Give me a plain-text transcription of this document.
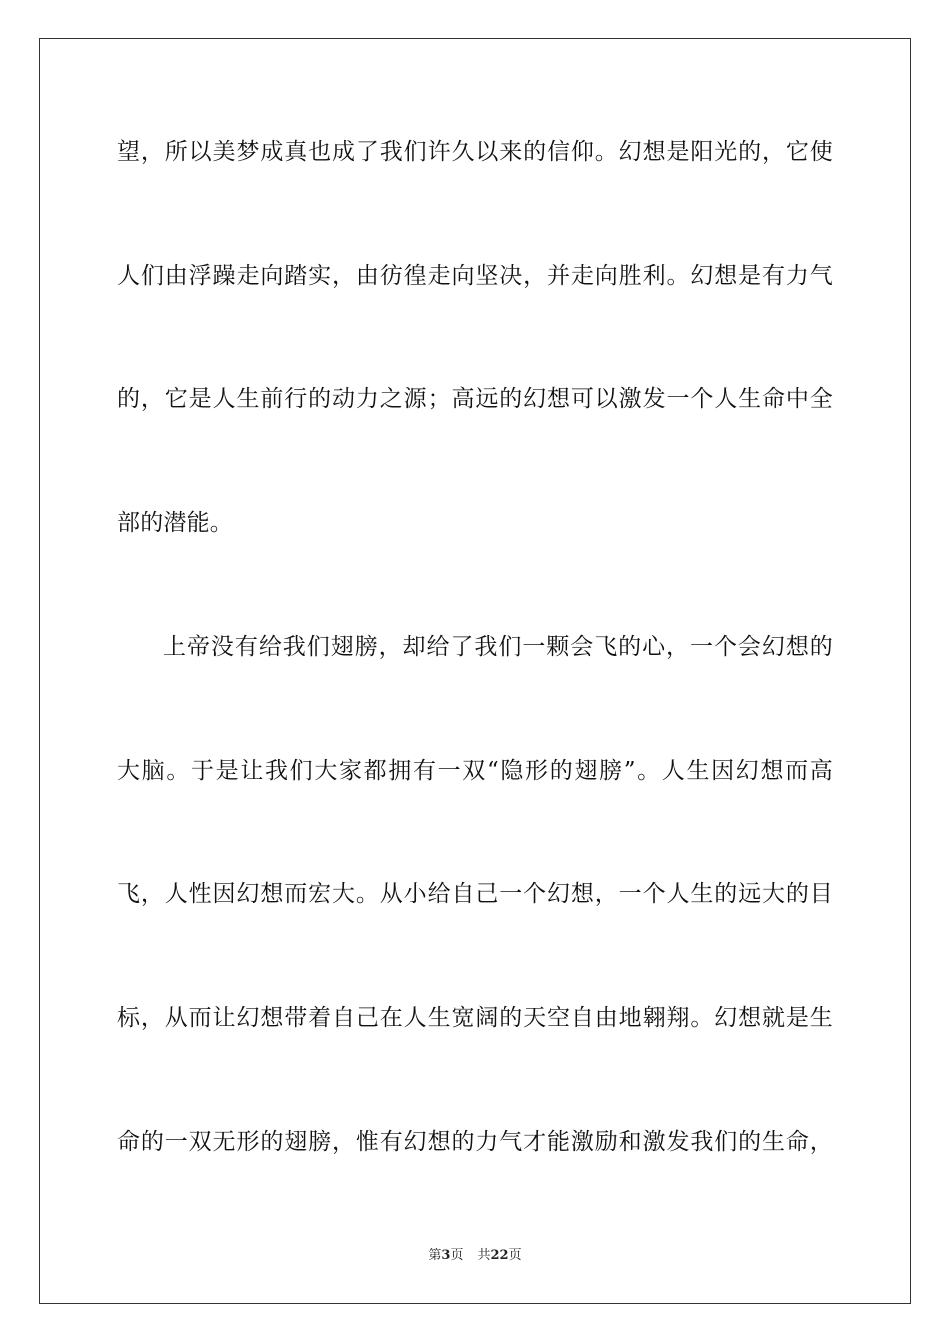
望，所以美梦成真也成了我们许久以来的信仰。幻想是阳光的，它使
人们由浮躁走向踏实，由彷徨走向坚决，并走向胜利。幻想是有力气
的，它是人生前行的动力之源；高远的幻想可以激发一个人生命中全
部的潜能。
上帝没有给我们翅膀，却给了我们一颗会飞的心，一个会幻想的
大脑。于是让我们大家都拥有一双“隐形的翅膀”。人生因幻想而高
飞，人性因幻想而宏大。从小给自己一个幻想，一个人生的远大的目
标，从而让幻想带着自己在人生宽阔的天空自由地翱翔。幻想就是生
命的一双无形的翅膀，惟有幻想的力气才能激励和激发我们的生命，
第3页 共22页
